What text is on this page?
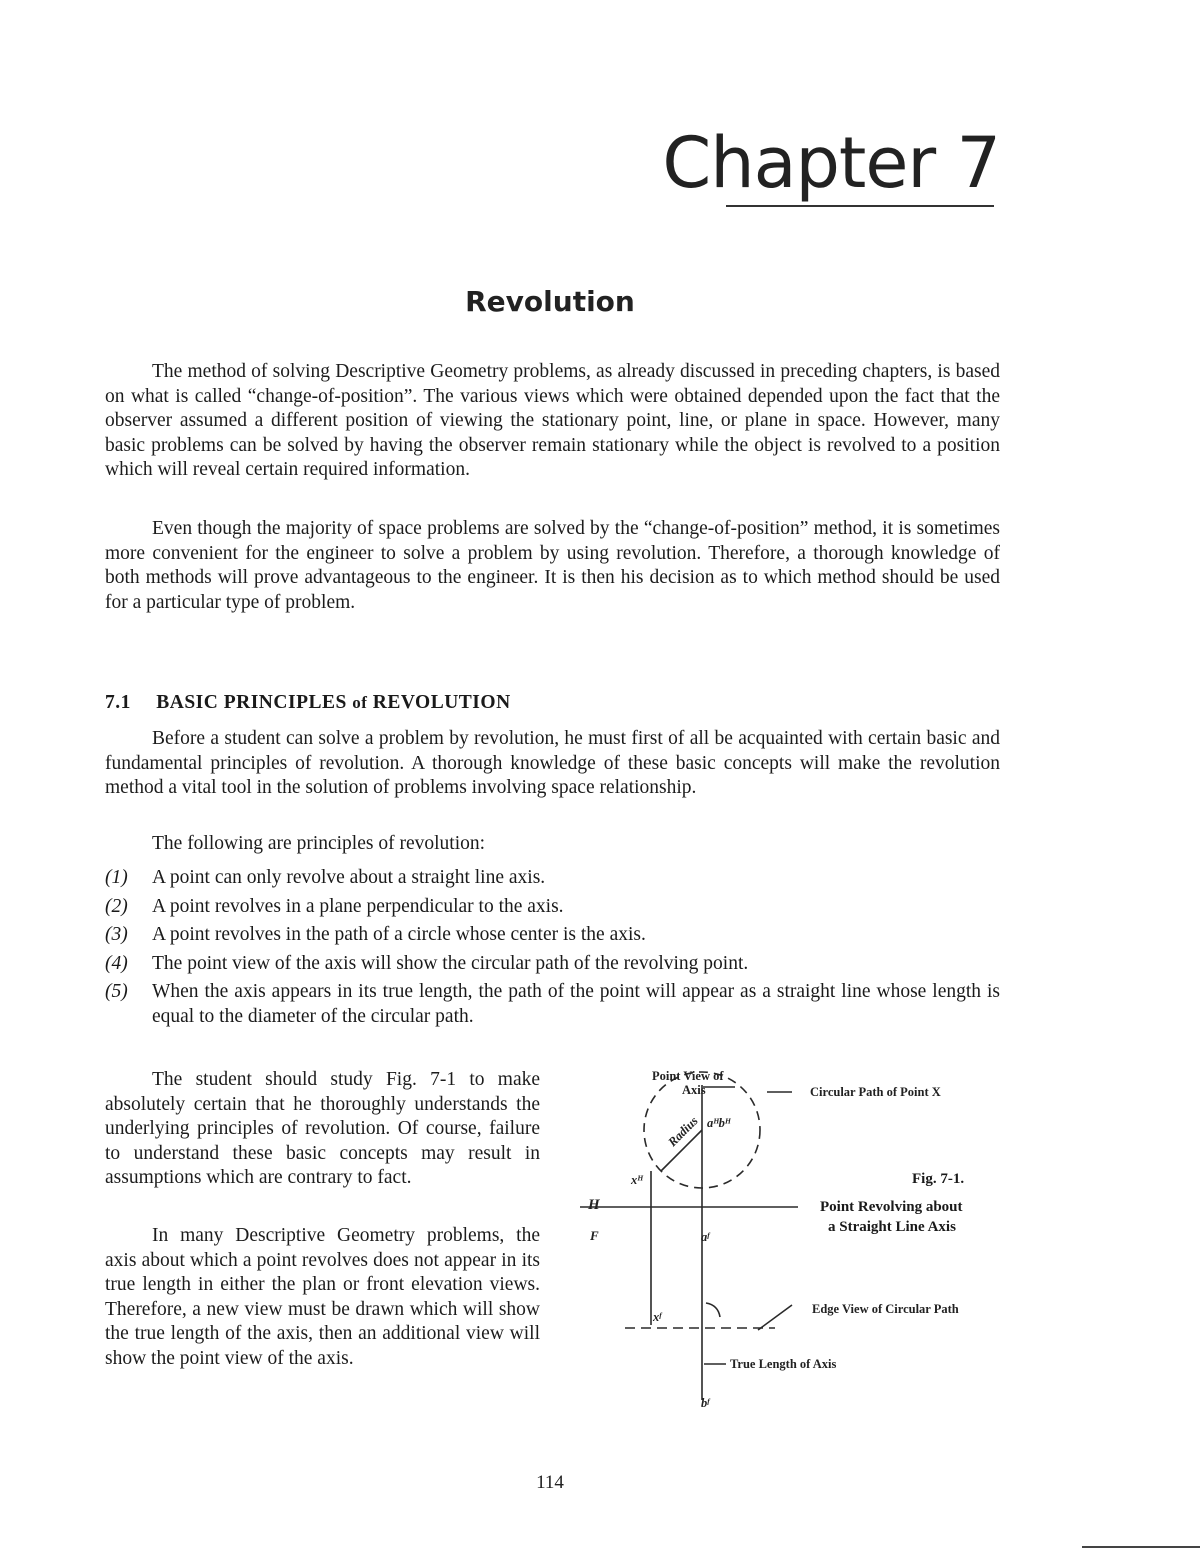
Chapter 7
Revolution

The method of solving Descriptive Geometry problems, as already discussed in preceding chapters, is based on what is called “change-of-position”. The various views which were obtained depended upon the fact that the observer assumed a different position of viewing the stationary point, line, or plane in space. However, many basic problems can be solved by having the observer remain stationary while the object is revolved to a position which will reveal certain required information.

Even though the majority of space problems are solved by the “change-of-position” method, it is sometimes more convenient for the engineer to solve a problem by using revolution. Therefore, a thorough knowledge of both methods will prove advantageous to the engineer. It is then his decision as to which method should be used for a particular type of problem.

7.1 BASIC PRINCIPLES of REVOLUTION

Before a student can solve a problem by revolution, he must first of all be acquainted with certain basic and fundamental principles of revolution. A thorough knowledge of these basic concepts will make the revolution method a vital tool in the solution of problems involving space relationship.

The following are principles of revolution:

(1) A point can only revolve about a straight line axis.
(2) A point revolves in a plane perpendicular to the axis.
(3) A point revolves in the path of a circle whose center is the axis.
(4) The point view of the axis will show the circular path of the revolving point.
(5) When the axis appears in its true length, the path of the point will appear as a straight line whose length is equal to the diameter of the circular path.

The student should study Fig. 7-1 to make absolutely certain that he thoroughly understands the underlying principles of revolution. Of course, failure to understand these basic concepts may result in assumptions which are contrary to fact.

In many Descriptive Geometry problems, the axis about which a point revolves does not appear in its true length in either the plan or front elevation views. Therefore, a new view must be drawn which will show the true length of the axis, then an additional view will show the point view of the axis.

Point View of
Axis	Circular Path of Point X
Radius aᴴbᴴ
xᴴ
H
F	aᶠ
xᶠ
Edge View of Circular Path
True Length of Axis
bᶠ
Fig. 7-1.
Point Revolving about
a Straight Line Axis
114
